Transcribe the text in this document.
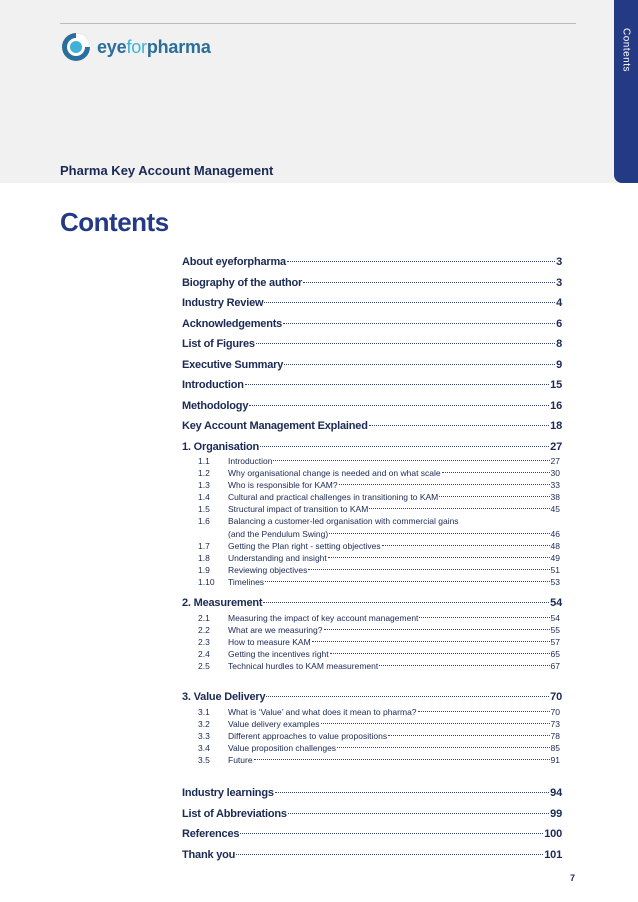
eyeforpharma	Contents
Pharma Key Account Management
Contents
About eyeforpharma	3
Biography of the author	3
Industry Review	4
Acknowledgements	6
List of Figures	8
Executive Summary	9
Introduction	15
Methodology	16
Key Account Management Explained	18
1. Organisation	27
1.1	Introduction	27
1.2	Why organisational change is needed and on what scale	30
1.3	Who is responsible for KAM?	33
1.4	Cultural and practical challenges in transitioning to KAM	38
1.5	Structural impact of transition to KAM	45
1.6	Balancing a customer-led organisation with commercial gains
(and the Pendulum Swing)	46
1.7	Getting the Plan right - setting objectives	48
1.8	Understanding and insight	49
1.9	Reviewing objectives	51
1.10	Timelines	53
2. Measurement	54
2.1	Measuring the impact of key account management	54
2.2	What are we measuring?	55
2.3	How to measure KAM	57
2.4	Getting the incentives right	65
2.5	Technical hurdles to KAM measurement	67
3. Value Delivery	70
3.1	What is ‘Value’ and what does it mean to pharma?	70
3.2	Value delivery examples	73
3.3	Different approaches to value propositions	78
3.4	Value proposition challenges	85
3.5	Future	91
Industry learnings	94
List of Abbreviations	99
References	100
Thank you	101
7
